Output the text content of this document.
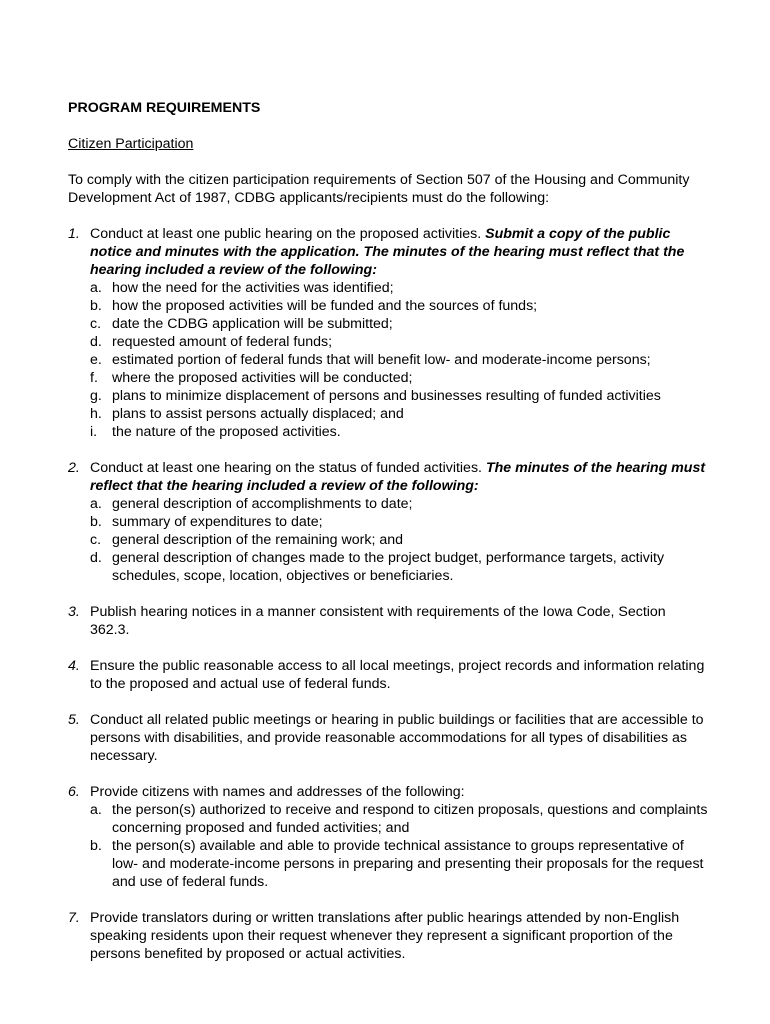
PROGRAM REQUIREMENTS
Citizen Participation
To comply with the citizen participation requirements of Section 507 of the Housing and Community Development Act of 1987, CDBG applicants/recipients must do the following:
1. Conduct at least one public hearing on the proposed activities. Submit a copy of the public notice and minutes with the application. The minutes of the hearing must reflect that the hearing included a review of the following:
a. how the need for the activities was identified;
b. how the proposed activities will be funded and the sources of funds;
c. date the CDBG application will be submitted;
d. requested amount of federal funds;
e. estimated portion of federal funds that will benefit low- and moderate-income persons;
f. where the proposed activities will be conducted;
g. plans to minimize displacement of persons and businesses resulting of funded activities
h. plans to assist persons actually displaced; and
i. the nature of the proposed activities.
2. Conduct at least one hearing on the status of funded activities. The minutes of the hearing must reflect that the hearing included a review of the following:
a. general description of accomplishments to date;
b. summary of expenditures to date;
c. general description of the remaining work; and
d. general description of changes made to the project budget, performance targets, activity schedules, scope, location, objectives or beneficiaries.
3. Publish hearing notices in a manner consistent with requirements of the Iowa Code, Section 362.3.
4. Ensure the public reasonable access to all local meetings, project records and information relating to the proposed and actual use of federal funds.
5. Conduct all related public meetings or hearing in public buildings or facilities that are accessible to persons with disabilities, and provide reasonable accommodations for all types of disabilities as necessary.
6. Provide citizens with names and addresses of the following:
a. the person(s) authorized to receive and respond to citizen proposals, questions and complaints concerning proposed and funded activities; and
b. the person(s) available and able to provide technical assistance to groups representative of low- and moderate-income persons in preparing and presenting their proposals for the request and use of federal funds.
7. Provide translators during or written translations after public hearings attended by non-English speaking residents upon their request whenever they represent a significant proportion of the persons benefited by proposed or actual activities.
